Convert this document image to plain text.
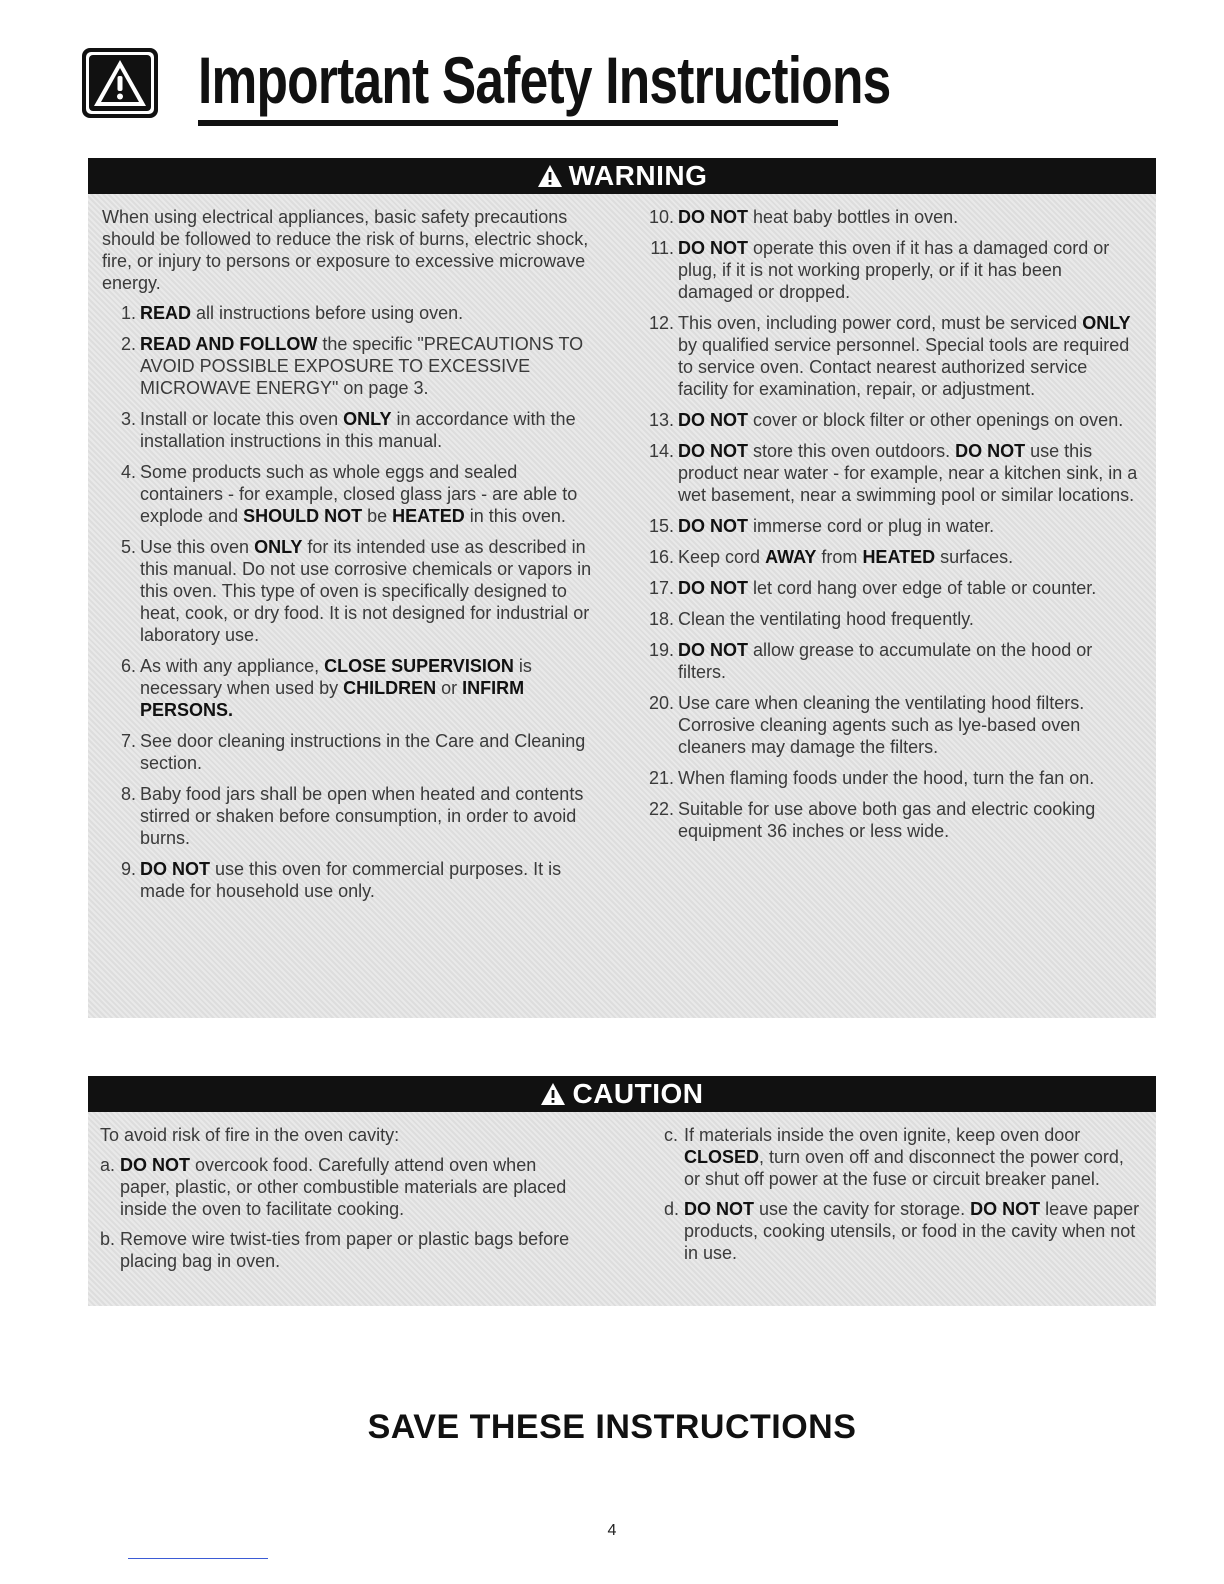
Important Safety Instructions
WARNING

When using electrical appliances, basic safety precautions should be followed to reduce the risk of burns, electric shock, fire, or injury to persons or exposure to excessive microwave energy.

1. READ all instructions before using oven.
2. READ AND FOLLOW the specific "PRECAUTIONS TO AVOID POSSIBLE EXPOSURE TO EXCESSIVE MICROWAVE ENERGY" on page 3.
3. Install or locate this oven ONLY in accordance with the installation instructions in this manual.
4. Some products such as whole eggs and sealed containers - for example, closed glass jars - are able to explode and SHOULD NOT be HEATED in this oven.
5. Use this oven ONLY for its intended use as described in this manual. Do not use corrosive chemicals or vapors in this oven. This type of oven is specifically designed to heat, cook, or dry food. It is not designed for industrial or laboratory use.
6. As with any appliance, CLOSE SUPERVISION is necessary when used by CHILDREN or INFIRM PERSONS.
7. See door cleaning instructions in the Care and Cleaning section.
8. Baby food jars shall be open when heated and contents stirred or shaken before consumption, in order to avoid burns.
9. DO NOT use this oven for commercial purposes. It is made for household use only.
10. DO NOT heat baby bottles in oven.
11. DO NOT operate this oven if it has a damaged cord or plug, if it is not working properly, or if it has been damaged or dropped.
12. This oven, including power cord, must be serviced ONLY by qualified service personnel. Special tools are required to service oven. Contact nearest authorized service facility for examination, repair, or adjustment.
13. DO NOT cover or block filter or other openings on oven.
14. DO NOT store this oven outdoors. DO NOT use this product near water - for example, near a kitchen sink, in a wet basement, near a swimming pool or similar locations.
15. DO NOT immerse cord or plug in water.
16. Keep cord AWAY from HEATED surfaces.
17. DO NOT let cord hang over edge of table or counter.
18. Clean the ventilating hood frequently.
19. DO NOT allow grease to accumulate on the hood or filters.
20. Use care when cleaning the ventilating hood filters. Corrosive cleaning agents such as lye-based oven cleaners may damage the filters.
21. When flaming foods under the hood, turn the fan on.
22. Suitable for use above both gas and electric cooking equipment 36 inches or less wide.
CAUTION

To avoid risk of fire in the oven cavity:

a. DO NOT overcook food. Carefully attend oven when paper, plastic, or other combustible materials are placed inside the oven to facilitate cooking.
b. Remove wire twist-ties from paper or plastic bags before placing bag in oven.
c. If materials inside the oven ignite, keep oven door CLOSED, turn oven off and disconnect the power cord, or shut off power at the fuse or circuit breaker panel.
d. DO NOT use the cavity for storage. DO NOT leave paper products, cooking utensils, or food in the cavity when not in use.
SAVE THESE INSTRUCTIONS
4
